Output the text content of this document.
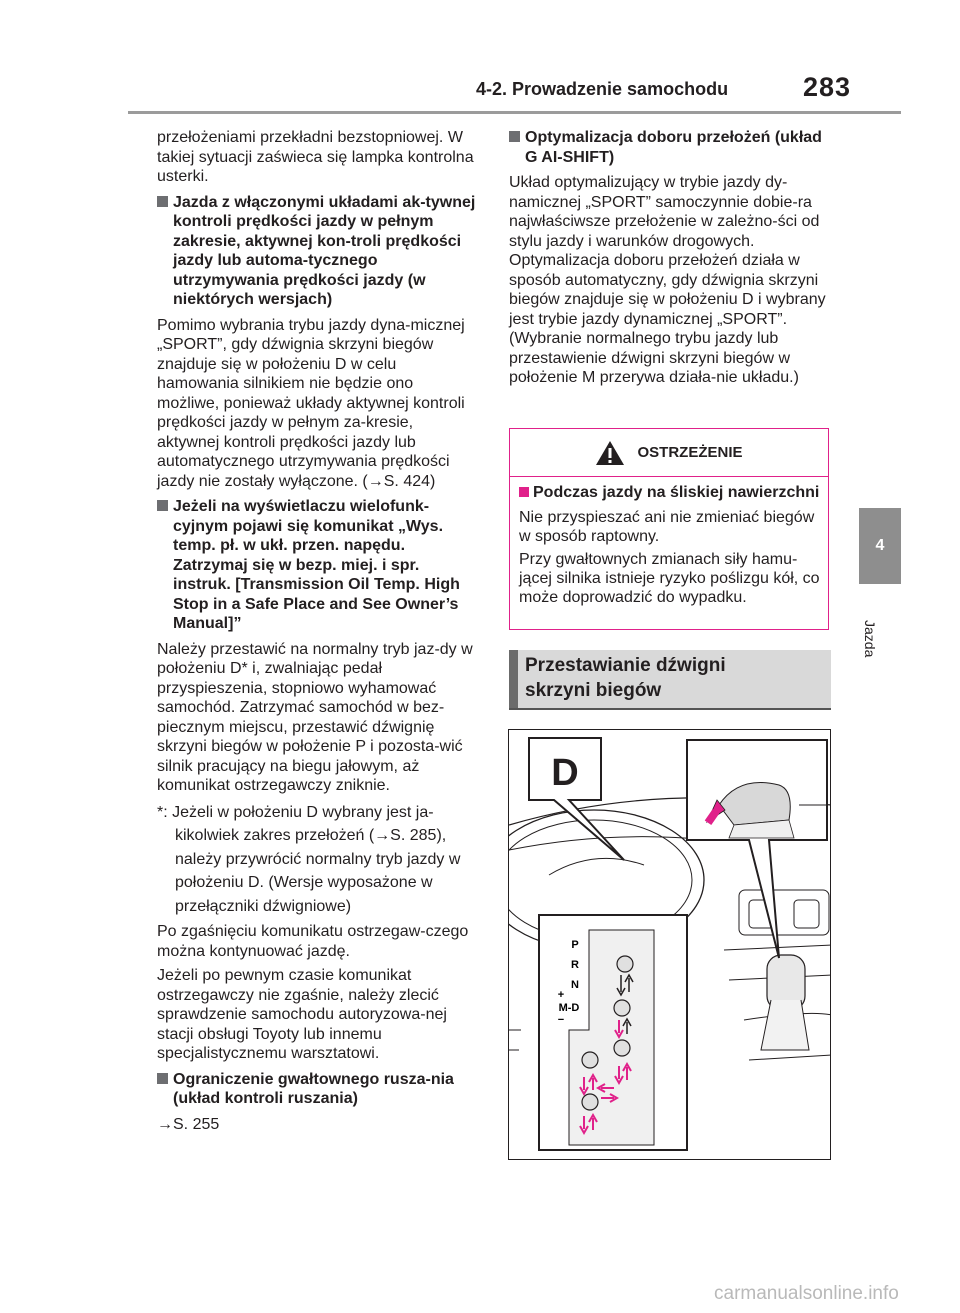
4-2. Prowadzenie samochodu	283
4
Jazda

przełożeniami przekładni bezstopniowej. W takiej sytuacji zaświeca się lampka kontrolna usterki.

Jazda z włączonymi układami ak-tywnej kontroli prędkości jazdy w pełnym zakresie, aktywnej kon-troli prędkości jazdy lub automa-tycznego utrzymywania prędkości jazdy (w niektórych wersjach)

Pomimo wybrania trybu jazdy dyna-micznej „SPORT”, gdy dźwignia skrzyni biegów znajduje się w położeniu D w celu hamowania silnikiem nie będzie ono możliwe, ponieważ układy aktywnej kontroli prędkości jazdy w pełnym za-kresie, aktywnej kontroli prędkości jazdy lub automatycznego utrzymywania prędkości jazdy nie zostały wyłączone. (→S. 424)

Jeżeli na wyświetlaczu wielofunk-cyjnym pojawi się komunikat „Wys. temp. pł. w ukł. przen. napędu. Zatrzymaj się w bezp. miej. i spr. instruk. [Transmission Oil Temp. High Stop in a Safe Place and See Owner’s Manual]”

Należy przestawić na normalny tryb jaz-dy w położeniu D* i, zwalniając pedał przyspieszenia, stopniowo wyhamować samochód. Zatrzymać samochód w bez-piecznym miejscu, przestawić dźwignię skrzyni biegów w położenie P i pozosta-wić silnik pracujący na biegu jałowym, aż komunikat ostrzegawczy zniknie.

*: Jeżeli w położeniu D wybrany jest ja-kikolwiek zakres przełożeń (→S. 285), należy przywrócić normalny tryb jazdy w położeniu D. (Wersje wyposażone w przełączniki dźwigniowe)

Po zgaśnięciu komunikatu ostrzegaw-czego można kontynuować jazdę.

Jeżeli po pewnym czasie komunikat ostrzegawczy nie zgaśnie, należy zlecić sprawdzenie samochodu autoryzowa-nej stacji obsługi Toyoty lub innemu specjalistycznemu warsztatowi.

Ograniczenie gwałtownego rusza-nia (układ kontroli ruszania)

→S. 255

Optymalizacja doboru przełożeń (układ G AI-SHIFT)

Układ optymalizujący w trybie jazdy dy-namicznej „SPORT” samoczynnie dobie-ra najwłaściwsze przełożenie w zależno-ści od stylu jazdy i warunków drogowych. Optymalizacja doboru przełożeń działa w sposób automatyczny, gdy dźwignia skrzyni biegów znajduje się w położeniu D i wybrany jest trybie jazdy dynamicznej „SPORT”. (Wybranie normalnego trybu jazdy lub przestawienie dźwigni skrzyni biegów w położenie M przerywa działa-nie układu.)

OSTRZEŻENIE

Podczas jazdy na śliskiej nawierzchni

Nie przyspieszać ani nie zmieniać biegów w sposób raptowny.

Przy gwałtownych zmianach siły hamu-jącej silnika istnieje ryzyko poślizgu kół, co może doprowadzić do wypadku.

Przestawianie dźwigni
skrzyni biegów
D
P
R
N
+
M-D
−
carmanualsonline.info
